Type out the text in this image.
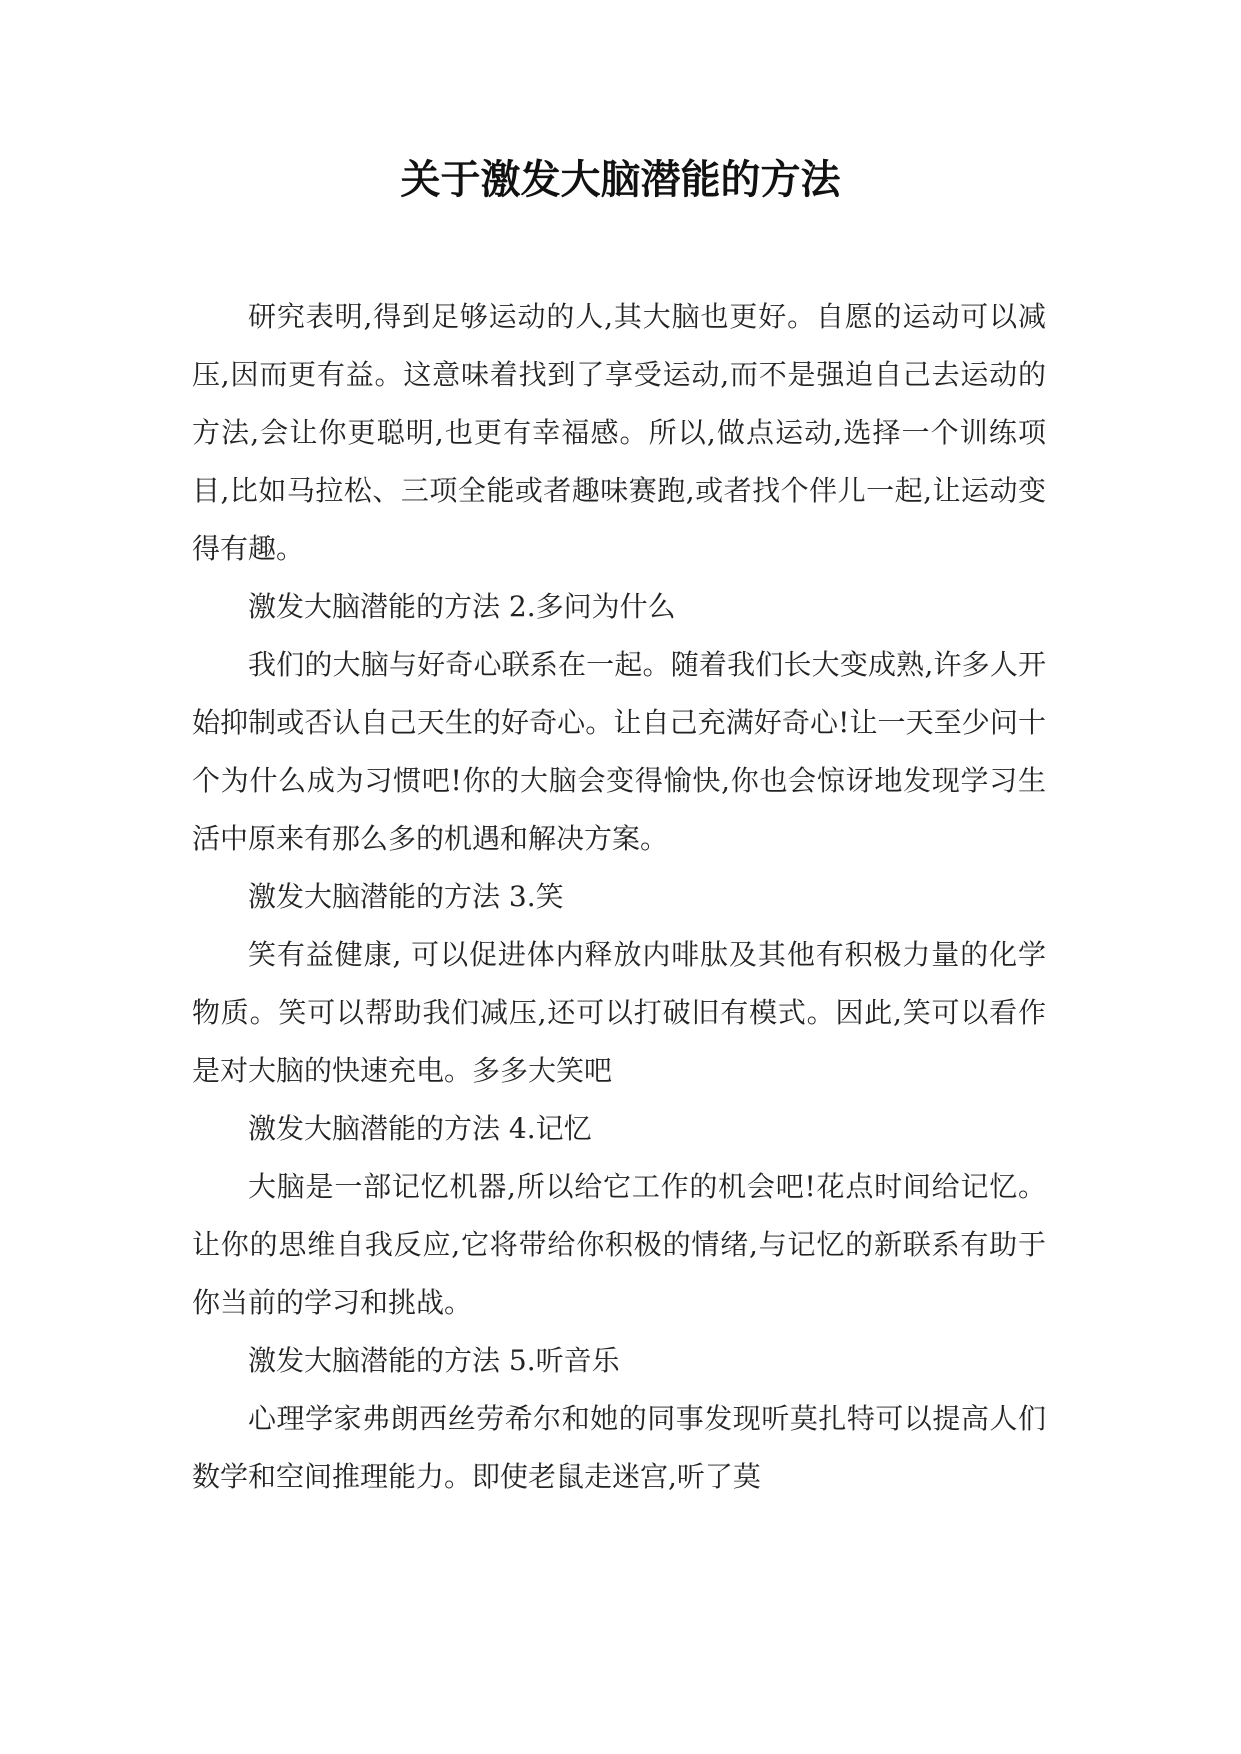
关于激发大脑潜能的方法

研究表明,得到足够运动的人,其大脑也更好。自愿的运动可以减压,因而更有益。这意味着找到了享受运动,而不是强迫自己去运动的方法,会让你更聪明,也更有幸福感。所以,做点运动,选择一个训练项目,比如马拉松、三项全能或者趣味赛跑,或者找个伴儿一起,让运动变得有趣。

激发大脑潜能的方法 2.多问为什么

我们的大脑与好奇心联系在一起。随着我们长大变成熟,许多人开始抑制或否认自己天生的好奇心。让自己充满好奇心!让一天至少问十个为什么成为习惯吧!你的大脑会变得愉快,你也会惊讶地发现学习生活中原来有那么多的机遇和解决方案。

激发大脑潜能的方法 3.笑

笑有益健康, 可以促进体内释放内啡肽及其他有积极力量的化学物质。笑可以帮助我们减压,还可以打破旧有模式。因此,笑可以看作是对大脑的快速充电。多多大笑吧

激发大脑潜能的方法 4.记忆

大脑是一部记忆机器,所以给它工作的机会吧!花点时间给记忆。让你的思维自我反应,它将带给你积极的情绪,与记忆的新联系有助于你当前的学习和挑战。

激发大脑潜能的方法 5.听音乐

心理学家弗朗西丝劳希尔和她的同事发现听莫扎特可以提高人们数学和空间推理能力。即使老鼠走迷宫,听了莫
